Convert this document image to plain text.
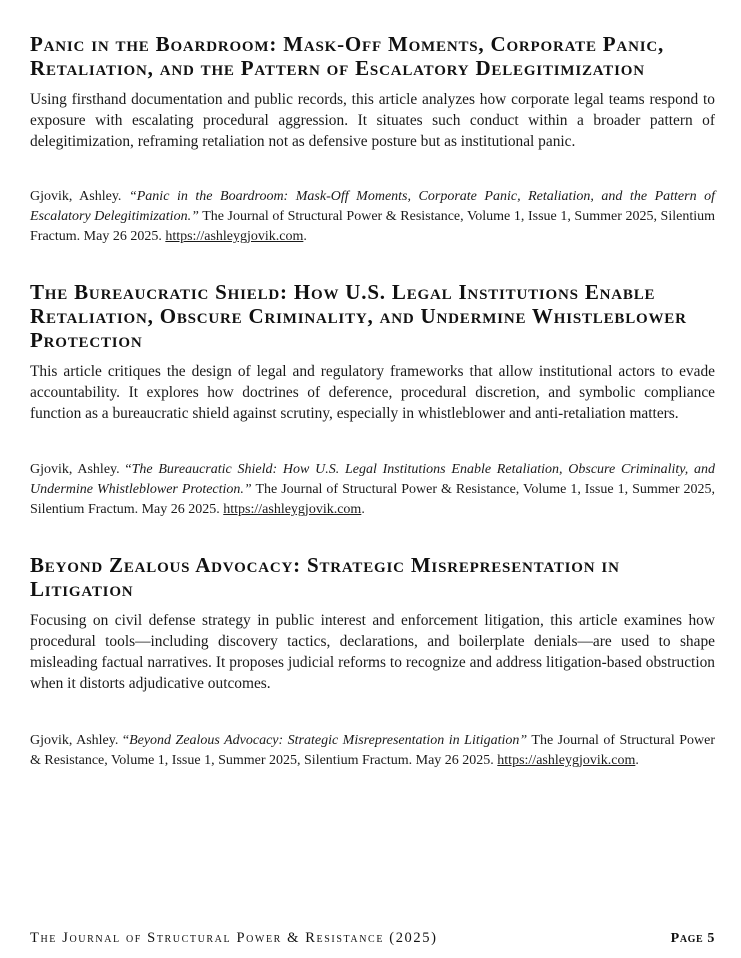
Panic in the Boardroom: Mask-Off Moments, Corporate Panic, Retaliation, and the Pattern of Escalatory Delegitimization

Using firsthand documentation and public records, this article analyzes how corporate legal teams respond to exposure with escalating procedural aggression. It situates such conduct within a broader pattern of delegitimization, reframing retaliation not as defensive posture but as institutional panic.

Gjovik, Ashley. “Panic in the Boardroom: Mask-Off Moments, Corporate Panic, Retaliation, and the Pattern of Escalatory Delegitimization.” The Journal of Structural Power & Resistance, Volume 1, Issue 1, Summer 2025, Silentium Fractum. May 26 2025. https://ashleygjovik.com.

The Bureaucratic Shield: How U.S. Legal Institutions Enable Retaliation, Obscure Criminality, and Undermine Whistleblower Protection

This article critiques the design of legal and regulatory frameworks that allow institutional actors to evade accountability. It explores how doctrines of deference, procedural discretion, and symbolic compliance function as a bureaucratic shield against scrutiny, especially in whistleblower and anti-retaliation matters.

Gjovik, Ashley. “The Bureaucratic Shield: How U.S. Legal Institutions Enable Retaliation, Obscure Criminality, and Undermine Whistleblower Protection.” The Journal of Structural Power & Resistance, Volume 1, Issue 1, Summer 2025, Silentium Fractum. May 26 2025. https://ashleygjovik.com.

Beyond Zealous Advocacy: Strategic Misrepresentation in Litigation

Focusing on civil defense strategy in public interest and enforcement litigation, this article examines how procedural tools—including discovery tactics, declarations, and boilerplate denials—are used to shape misleading factual narratives. It proposes judicial reforms to recognize and address litigation-based obstruction when it distorts adjudicative outcomes.

Gjovik, Ashley. “Beyond Zealous Advocacy: Strategic Misrepresentation in Litigation” The Journal of Structural Power & Resistance, Volume 1, Issue 1, Summer 2025, Silentium Fractum. May 26 2025. https://ashleygjovik.com.

The Journal of Structural Power & Resistance (2025)	Page 5
